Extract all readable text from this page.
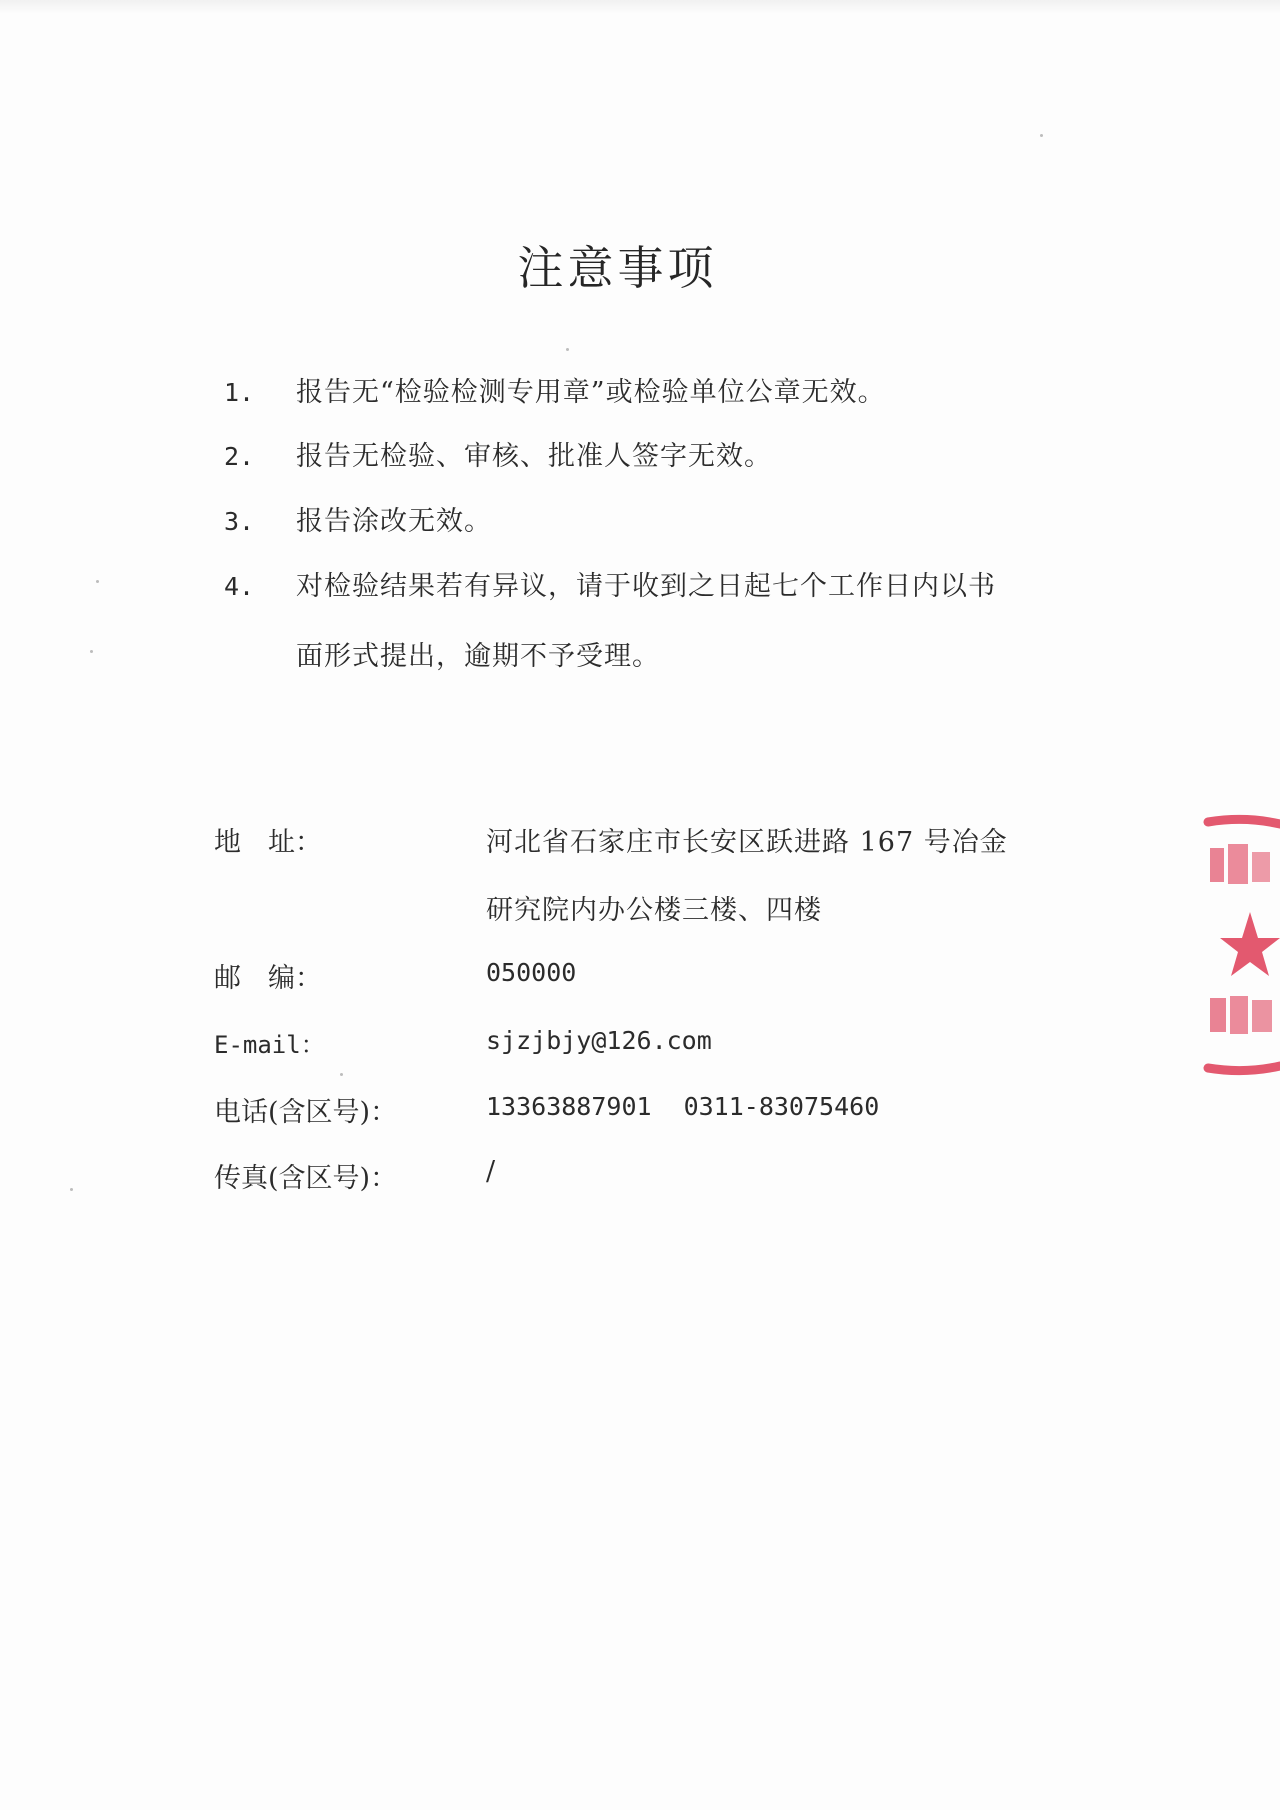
注意事项
1.	报告无“检验检测专用章”或检验单位公章无效。
2.	报告无检验、审核、批准人签字无效。
3.	报告涂改无效。
4.	对检验结果若有异议，请于收到之日起七个工作日内以书
面形式提出，逾期不予受理。
地　址：	河北省石家庄市长安区跃进路 167 号冶金
研究院内办公楼三楼、四楼
邮　编：	050000
E-mail：	sjzjbjy@126.com
电话(含区号)：	13363887901 0311-83075460
传真(含区号)：	/
